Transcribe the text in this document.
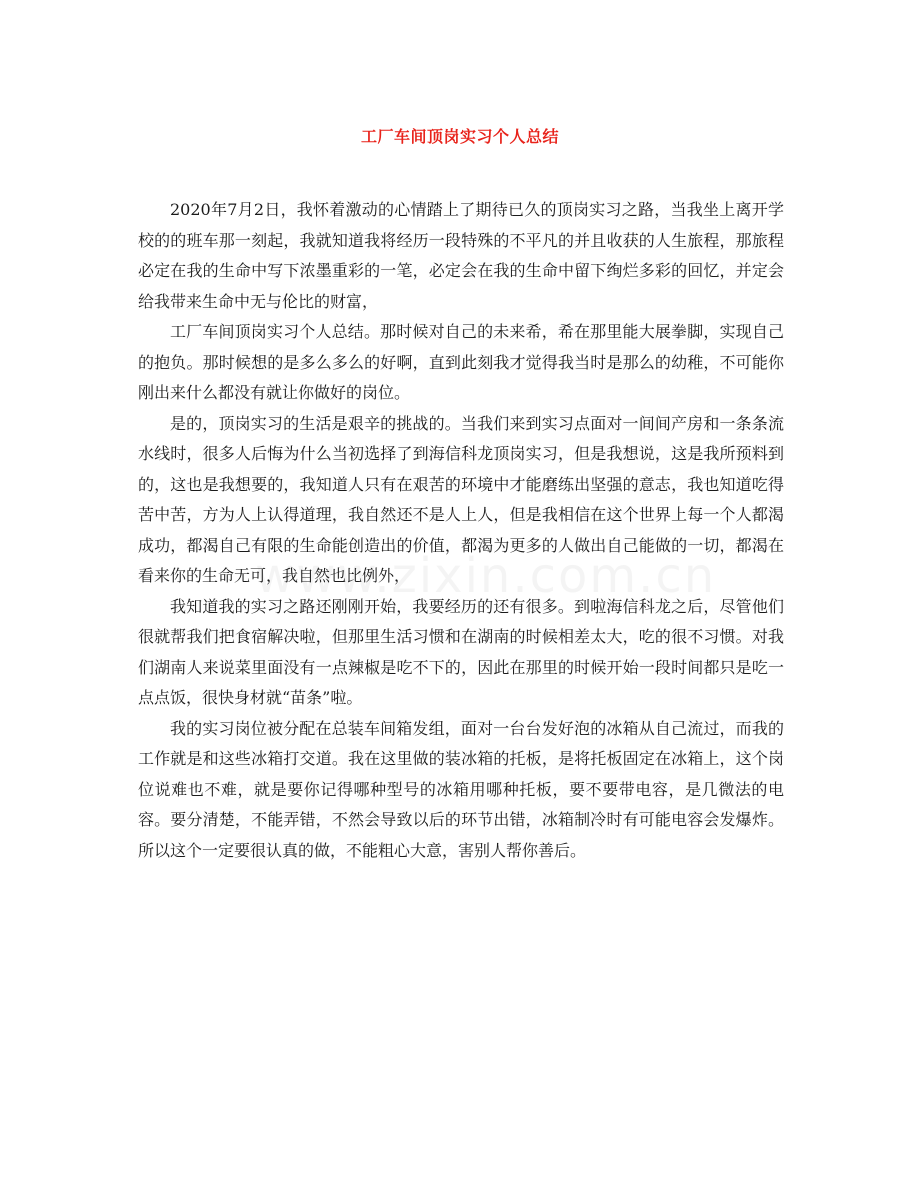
工厂车间顶岗实习个人总结

2020年7月2日，我怀着激动的心情踏上了期待已久的顶岗实习之路，当我坐上离开学校的的班车那一刻起，我就知道我将经历一段特殊的不平凡的并且收获的人生旅程，那旅程必定在我的生命中写下浓墨重彩的一笔，必定会在我的生命中留下绚烂多彩的回忆，并定会给我带来生命中无与伦比的财富，

工厂车间顶岗实习个人总结。那时候对自己的未来希，希在那里能大展拳脚，实现自己的抱负。那时候想的是多么多么的好啊，直到此刻我才觉得我当时是那么的幼稚，不可能你刚出来什么都没有就让你做好的岗位。

是的，顶岗实习的生活是艰辛的挑战的。当我们来到实习点面对一间间产房和一条条流水线时，很多人后悔为什么当初选择了到海信科龙顶岗实习，但是我想说，这是我所预料到的，这也是我想要的，我知道人只有在艰苦的环境中才能磨练出坚强的意志，我也知道吃得苦中苦，方为人上认得道理，我自然还不是人上人，但是我相信在这个世界上每一个人都渴成功，都渴自己有限的生命能创造出的价值，都渴为更多的人做出自己能做的一切，都渴在看来你的生命无可，我自然也比例外，

我知道我的实习之路还刚刚开始，我要经历的还有很多。到啦海信科龙之后，尽管他们很就帮我们把食宿解决啦，但那里生活习惯和在湖南的时候相差太大，吃的很不习惯。对我们湖南人来说菜里面没有一点辣椒是吃不下的，因此在那里的时候开始一段时间都只是吃一点点饭，很快身材就“苗条”啦。

我的实习岗位被分配在总装车间箱发组，面对一台台发好泡的冰箱从自己流过，而我的工作就是和这些冰箱打交道。我在这里做的装冰箱的托板，是将托板固定在冰箱上，这个岗位说难也不难，就是要你记得哪种型号的冰箱用哪种托板，要不要带电容，是几微法的电容。要分清楚，不能弄错，不然会导致以后的环节出错，冰箱制冷时有可能电容会发爆炸。所以这个一定要很认真的做，不能粗心大意，害别人帮你善后。
